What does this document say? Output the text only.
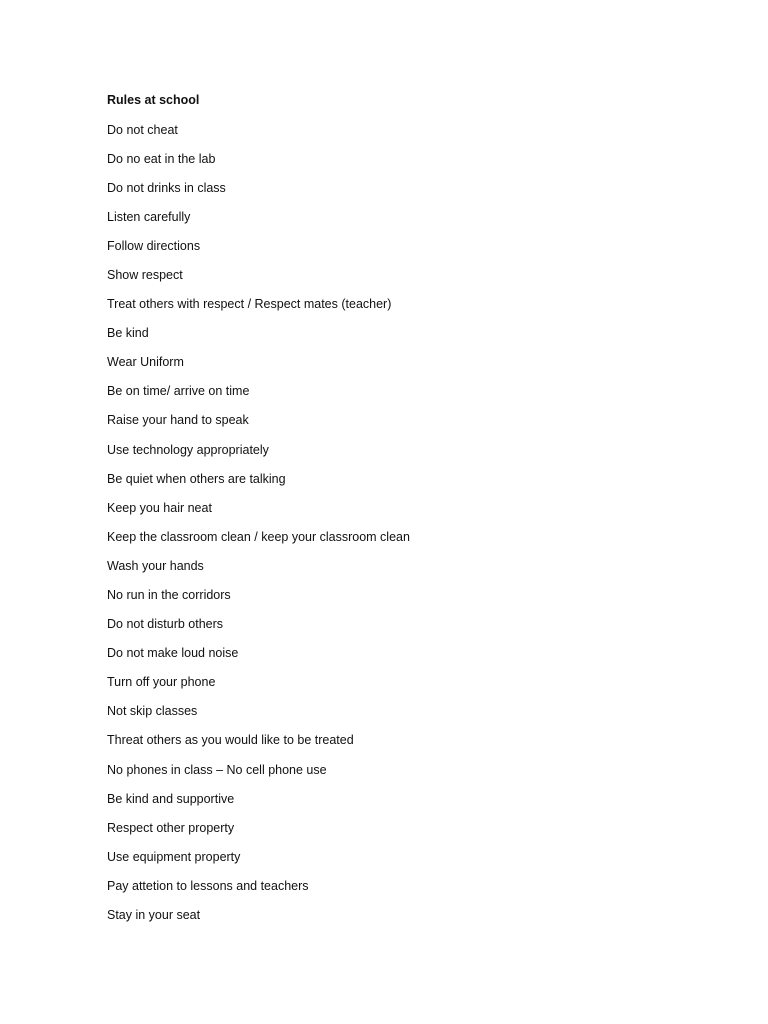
Rules at school
Do not cheat
Do no eat in the lab
Do not drinks in class
Listen carefully
Follow directions
Show respect
Treat others with respect / Respect mates (teacher)
Be kind
Wear Uniform
Be on time/ arrive on time
Raise your hand to speak
Use technology appropriately
Be quiet when others are talking
Keep you hair neat
Keep the classroom clean / keep your classroom clean
Wash your hands
No run in the corridors
Do not disturb others
Do not make loud noise
Turn off your phone
Not skip classes
Threat others as you would like to be treated
No phones in class – No cell phone use
Be kind and supportive
Respect other property
Use equipment property
Pay attetion to lessons and teachers
Stay in your seat
